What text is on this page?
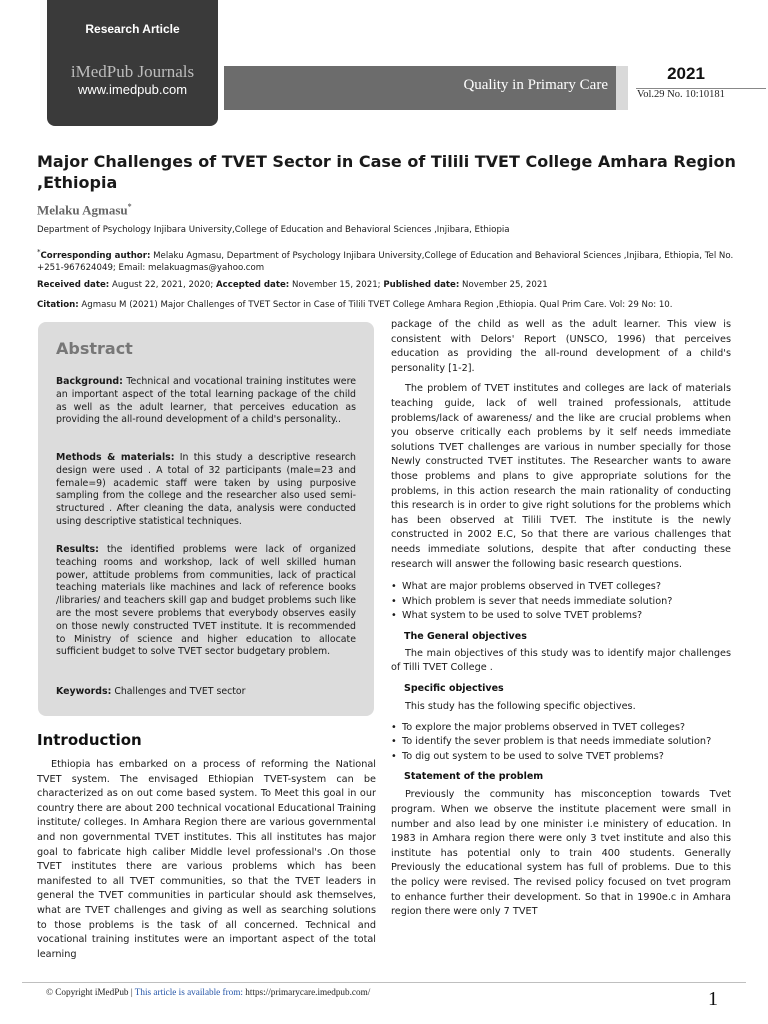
Research Article
iMedPub Journals
www.imedpub.com	Quality in Primary Care
2021
Vol.29 No. 10:10181
Major Challenges of TVET Sector in Case of Tilili TVET College Amhara Region ,Ethiopia
Melaku Agmasu*
Department of Psychology Injibara University,College of Education and Behavioral Sciences ,Injibara, Ethiopia
*Corresponding author: Melaku Agmasu, Department of Psychology Injibara University,College of Education and Behavioral Sciences ,Injibara, Ethiopia, Tel No. +251-967624049; Email: melakuagmas@yahoo.com
Received date: August 22, 2021, 2020; Accepted date: November 15, 2021; Published date: November 25, 2021
Citation: Agmasu M (2021) Major Challenges of TVET Sector in Case of Tilili TVET College Amhara Region ,Ethiopia. Qual Prim Care. Vol: 29 No: 10.
Abstract
Background: Technical and vocational training institutes were an important aspect of the total learning package of the child as well as the adult learner, that perceives education as providing the all-round development of a child's personality..
Methods & materials: In this study a descriptive research design were used . A total of 32 participants (male=23 and female=9) academic staff were taken by using purposive sampling from the college and the researcher also used semi-structured . After cleaning the data, analysis were conducted using descriptive statistical techniques.
Results: the identified problems were lack of organized teaching rooms and workshop, lack of well skilled human power, attitude problems from communities, lack of practical teaching materials like machines and lack of reference books /libraries/ and teachers skill gap and budget problems such like are the most severe problems that everybody observes easily on those newly constructed TVET institute. It is recommended to Ministry of science and higher education to allocate sufficient budget to solve TVET sector budgetary problem.
Keywords: Challenges and TVET sector
Introduction
Ethiopia has embarked on a process of reforming the National TVET system. The envisaged Ethiopian TVET-system can be characterized as on out come based system. To Meet this goal in our country there are about 200 technical vocational Educational Training institute/ colleges. In Amhara Region there are various governmental and non governmental TVET institutes. This all institutes has major goal to fabricate high caliber Middle level professional's .On those TVET institutes there are various problems which has been manifested to all TVET communities, so that the TVET leaders in general the TVET communities in particular should ask themselves, what are TVET challenges and giving as well as searching solutions to those problems is the task of all concerned. Technical and vocational training institutes were an important aspect of the total learning
package of the child as well as the adult learner. This view is consistent with Delors' Report (UNSCO, 1996) that perceives education as providing the all-round development of a child's personality [1-2].
The problem of TVET institutes and colleges are lack of materials teaching guide, lack of well trained professionals, attitude problems/lack of awareness/ and the like are crucial problems when you observe critically each problems by it self needs immediate solutions TVET challenges are various in number specially for those Newly constructed TVET institutes. The Researcher wants to aware those problems and plans to give appropriate solutions for the problems, in this action research the main rationality of conducting this research is in order to give right solutions for the problems which has been observed at Tilili TVET. The institute is the newly constructed in 2002 E.C, So that there are various challenges that needs immediate solutions, despite that after conducting these research will answer the following basic research questions.
• What are major problems observed in TVET colleges?
• Which problem is sever that needs immediate solution?
• What system to be used to solve TVET problems?
The General objectives
The main objectives of this study was to identify major challenges of Tilli TVET College .
Specific objectives
This study has the following specific objectives.
• To explore the major problems observed in TVET colleges?
• To identify the sever problem is that needs immediate solution?
• To dig out system to be used to solve TVET problems?
Statement of the problem
Previously the community has misconception towards Tvet program. When we observe the institute placement were small in number and also lead by one minister i.e ministery of education. In 1983 in Amhara region there were only 3 tvet institute and also this institute has potential only to train 400 students. Generally Previously the educational system has full of problems. Due to this the policy were revised. The revised policy focused on tvet program to enhance further their development. So that in 1990e.c in Amhara region there were only 7 TVET
© Copyright iMedPub | This article is available from: https://primarycare.imedpub.com/	1
